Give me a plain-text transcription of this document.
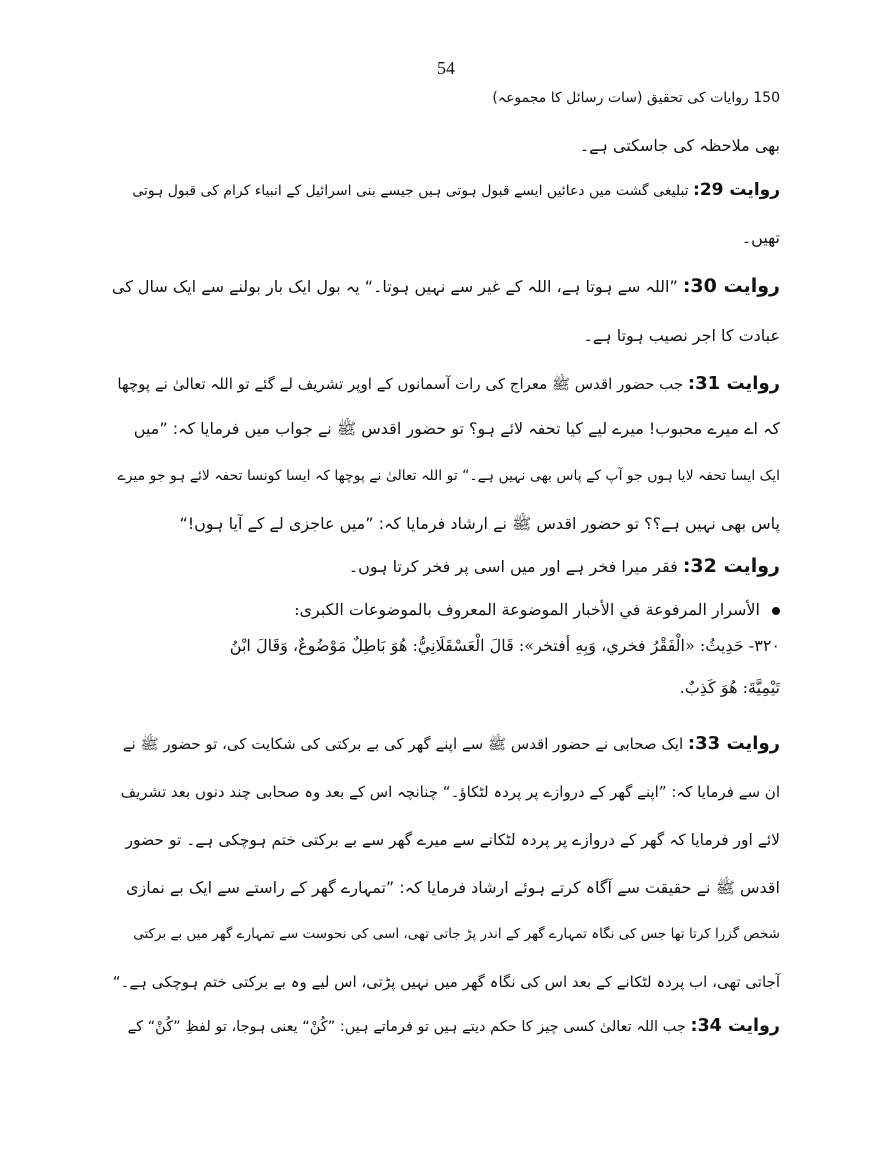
54
150 روایات کی تحقیق (سات رسائل کا مجموعہ)
بھی ملاحظہ کی جاسکتی ہے۔
روایت 29: تبلیغی گشت میں دعائیں ایسے قبول ہوتی ہیں جیسے بنی اسرائیل کے انبیاء کرام کی قبول ہوتی
تھیں۔
روایت 30: ”اللہ سے ہوتا ہے، اللہ کے غیر سے نہیں ہوتا۔“ یہ بول ایک بار بولنے سے ایک سال کی
عبادت کا اجر نصیب ہوتا ہے۔
روایت 31: جب حضور اقدس ﷺ معراج کی رات آسمانوں کے اوپر تشریف لے گئے تو اللہ تعالیٰ نے پوچھا
کہ اے میرے محبوب! میرے لیے کیا تحفہ لائے ہو؟ تو حضور اقدس ﷺ نے جواب میں فرمایا کہ: ”میں
ایک ایسا تحفہ لایا ہوں جو آپ کے پاس بھی نہیں ہے۔“ تو اللہ تعالیٰ نے پوچھا کہ ایسا کونسا تحفہ لائے ہو جو میرے
پاس بھی نہیں ہے؟؟ تو حضور اقدس ﷺ نے ارشاد فرمایا کہ: ”میں عاجزی لے کے آیا ہوں!“
روایت 32: فقر میرا فخر ہے اور میں اسی پر فخر کرتا ہوں۔
الأسرار المرفوعة في الأخبار الموضوعة المعروف بالموضوعات الكبرى:
٣٢٠- حَدِيثُ: «الْفَقْرُ فخري، وَبِهِ أفتخر»: قَالَ الْعَسْقَلَانِيُّ: هُوَ بَاطِلٌ مَوْضُوعٌ، وَقَالَ ابْنُ
تَيْمِيَّةَ: هُوَ كَذِبٌ.
روایت 33: ایک صحابی نے حضور اقدس ﷺ سے اپنے گھر کی بے برکتی کی شکایت کی، تو حضور ﷺ نے
ان سے فرمایا کہ: ”اپنے گھر کے دروازے پر پردہ لٹکاؤ۔“ چنانچہ اس کے بعد وہ صحابی چند دنوں بعد تشریف
لائے اور فرمایا کہ گھر کے دروازے پر پردہ لٹکانے سے میرے گھر سے بے برکتی ختم ہوچکی ہے۔ تو حضور
اقدس ﷺ نے حقیقت سے آگاہ کرتے ہوئے ارشاد فرمایا کہ: ”تمہارے گھر کے راستے سے ایک بے نمازی
شخص گزرا کرتا تھا جس کی نگاہ تمہارے گھر کے اندر پڑ جاتی تھی، اسی کی نحوست سے تمہارے گھر میں بے برکتی
آجاتی تھی، اب پردہ لٹکانے کے بعد اس کی نگاہ گھر میں نہیں پڑتی، اس لیے وہ بے برکتی ختم ہوچکی ہے۔“
روایت 34: جب اللہ تعالیٰ کسی چیز کا حکم دیتے ہیں تو فرماتے ہیں: ”کُنْ“ یعنی ہوجا، تو لفظِ ”کُنْ“ کے
